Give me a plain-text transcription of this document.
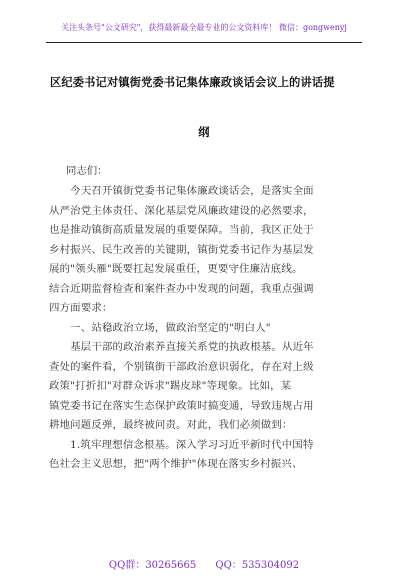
关注头条号"公文研究"，获得最新最全最专业的公文资料库！ 微信：gongwenyj
区纪委书记对镇街党委书记集体廉政谈话会议上的讲话提
纲
同志们：
　　今天召开镇街党委书记集体廉政谈话会，是落实全面
从严治党主体责任、深化基层党风廉政建设的必然要求，
也是推动镇街高质量发展的重要保障。当前，我区正处于
乡村振兴、民生改善的关键期，镇街党委书记作为基层发
展的"领头雁"既要扛起发展重任，更要守住廉洁底线。
结合近期监督检查和案件查办中发现的问题，我重点强调
四方面要求：
　　一、站稳政治立场，做政治坚定的"明白人"
　　基层干部的政治素养直接关系党的执政根基。从近年
查处的案件看，个别镇街干部政治意识弱化，存在对上级
政策"打折扣"对群众诉求"踢皮球"等现象。比如，某
镇党委书记在落实生态保护政策时搞变通，导致违规占用
耕地问题反弹，最终被问责。对此，我们必须做到：
　　1.筑牢理想信念根基。深入学习习近平新时代中国特
色社会主义思想，把"两个维护"体现在落实乡村振兴、
QQ群：30265665 QQ：535304092
